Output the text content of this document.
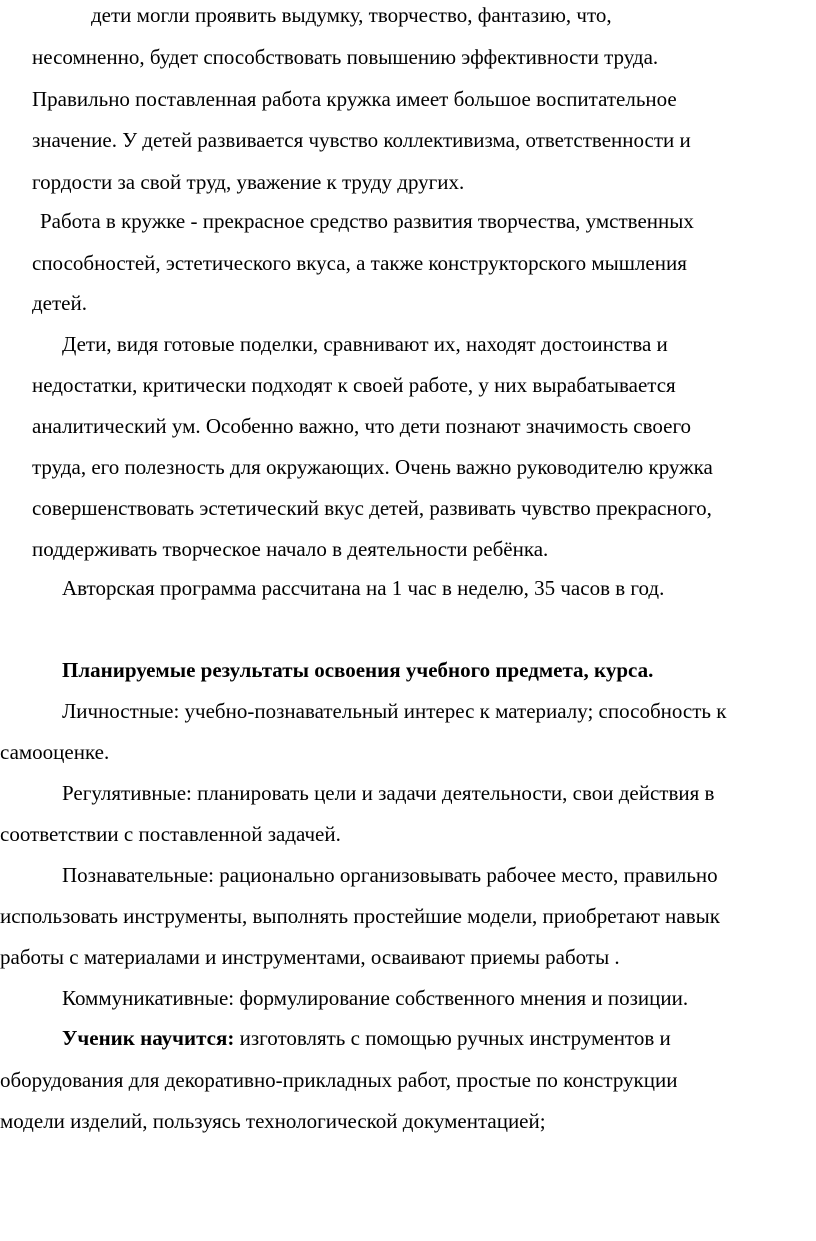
дети могли проявить выдумку, творчество, фантазию, что,
несомненно, будет способствовать повышению эффективности труда.
Правильно поставленная работа кружка имеет большое воспитательное
значение. У детей развивается чувство коллективизма, ответственности и
гордости за свой труд, уважение к труду других.
Работа в кружке - прекрасное средство развития творчества, умственных
способностей, эстетического вкуса, а также конструкторского мышления
детей.
Дети, видя готовые поделки, сравнивают их, находят достоинства и
недостатки, критически подходят к своей работе, у них вырабатывается
аналитический ум. Особенно важно, что дети познают значимость своего
труда, его полезность для окружающих. Очень важно руководителю кружка
совершенствовать эстетический вкус детей, развивать чувство прекрасного,
поддерживать творческое начало в деятельности ребёнка.
Авторская программа рассчитана на 1 час в неделю, 35 часов в год.
Планируемые результаты освоения учебного предмета, курса.
Личностные: учебно-познавательный интерес к материалу; способность к
самооценке.
Регулятивные: планировать цели и задачи деятельности, свои действия в
соответствии с поставленной задачей.
Познавательные: рационально организовывать рабочее место, правильно
использовать инструменты, выполнять простейшие модели, приобретают навык
работы с материалами и инструментами, осваивают приемы работы .
Коммуникативные: формулирование собственного мнения и позиции.
Ученик научится: изготовлять с помощью ручных инструментов и
оборудования для декоративно-прикладных работ, простые по конструкции
модели изделий, пользуясь технологической документацией;
